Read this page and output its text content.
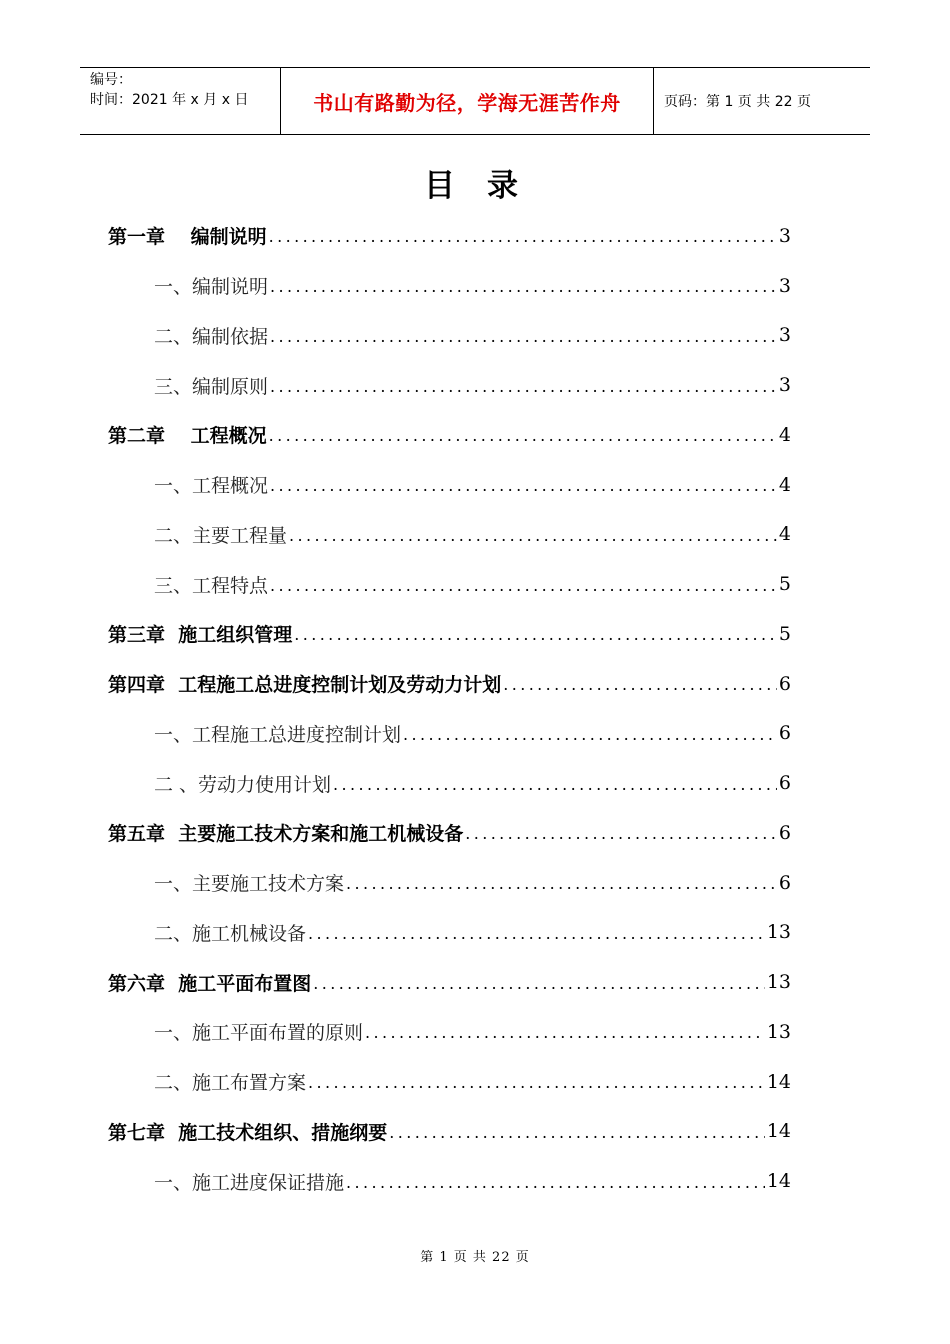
编号：
时间：2021 年 x 月 x 日	书山有路勤为径，学海无涯苦作舟	页码：第 1 页 共 22 页
目录
第一章　 编制说明 .....	3
一、编制说明 .....	3
二、编制依据 .....	3
三、编制原则 .....	3
第二章　 工程概况 .....	4
一、工程概况 .....	4
二、主要工程量 .....	4
三、工程特点 .....	5
第三章  施工组织管理 .....	5
第四章  工程施工总进度控制计划及劳动力计划 .....	6
一、工程施工总进度控制计划 .....	6
二 、劳动力使用计划 .....	6
第五章  主要施工技术方案和施工机械设备 .....	6
一、主要施工技术方案 .....	6
二、施工机械设备 .....	13
第六章  施工平面布置图 .....	13
一、施工平面布置的原则 .....	13
二、施工布置方案 .....	14
第七章  施工技术组织、措施纲要 .....	14
一、施工进度保证措施 .....	14
第 1 页 共 22 页
